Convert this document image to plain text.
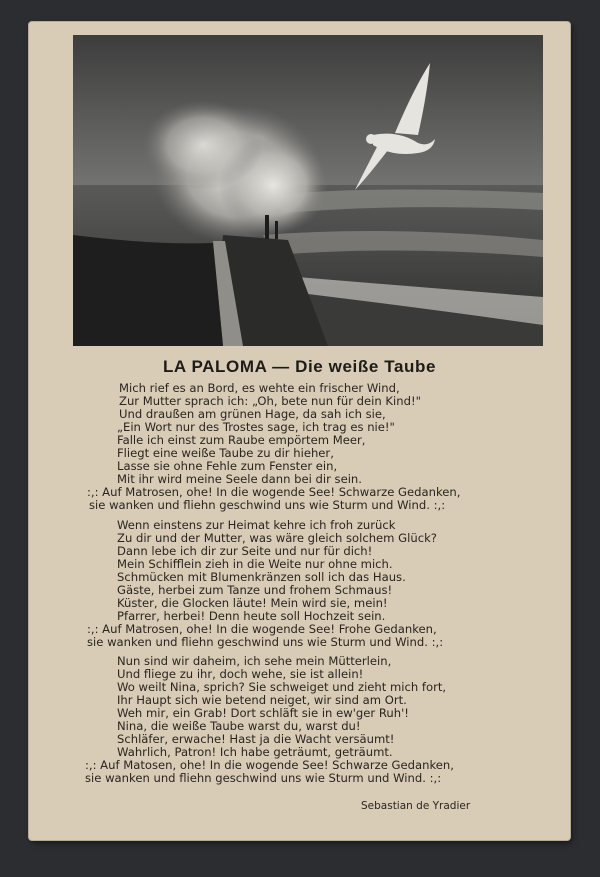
LA PALOMA — Die weiße Taube
Mich rief es an Bord, es wehte ein frischer Wind,
Zur Mutter sprach ich: „Oh, bete nun für dein Kind!"
Und draußen am grünen Hage, da sah ich sie,
„Ein Wort nur des Trostes sage, ich trag es nie!"
Falle ich einst zum Raube empörtem Meer,
Fliegt eine weiße Taube zu dir hieher,
Lasse sie ohne Fehle zum Fenster ein,
Mit ihr wird meine Seele dann bei dir sein.
:,: Auf Matrosen, ohe! In die wogende See! Schwarze Gedanken,
sie wanken und fliehn geschwind uns wie Sturm und Wind. :,:
Wenn einstens zur Heimat kehre ich froh zurück
Zu dir und der Mutter, was wäre gleich solchem Glück?
Dann lebe ich dir zur Seite und nur für dich!
Mein Schifflein zieh in die Weite nur ohne mich.
Schmücken mit Blumenkränzen soll ich das Haus.
Gäste, herbei zum Tanze und frohem Schmaus!
Küster, die Glocken läute! Mein wird sie, mein!
Pfarrer, herbei! Denn heute soll Hochzeit sein.
:,: Auf Matrosen, ohe! In die wogende See! Frohe Gedanken,
sie wanken und fliehn geschwind uns wie Sturm und Wind. :,:
Nun sind wir daheim, ich sehe mein Mütterlein,
Und fliege zu ihr, doch wehe, sie ist allein!
Wo weilt Nina, sprich? Sie schweiget und zieht mich fort,
Ihr Haupt sich wie betend neiget, wir sind am Ort.
Weh mir, ein Grab! Dort schläft sie in ew'ger Ruh'!
Nina, die weiße Taube warst du, warst du!
Schläfer, erwache! Hast ja die Wacht versäumt!
Wahrlich, Patron! Ich habe geträumt, geträumt.
:,: Auf Matosen, ohe! In die wogende See! Schwarze Gedanken,
sie wanken und fliehn geschwind uns wie Sturm und Wind. :,:
Sebastian de Yradier
